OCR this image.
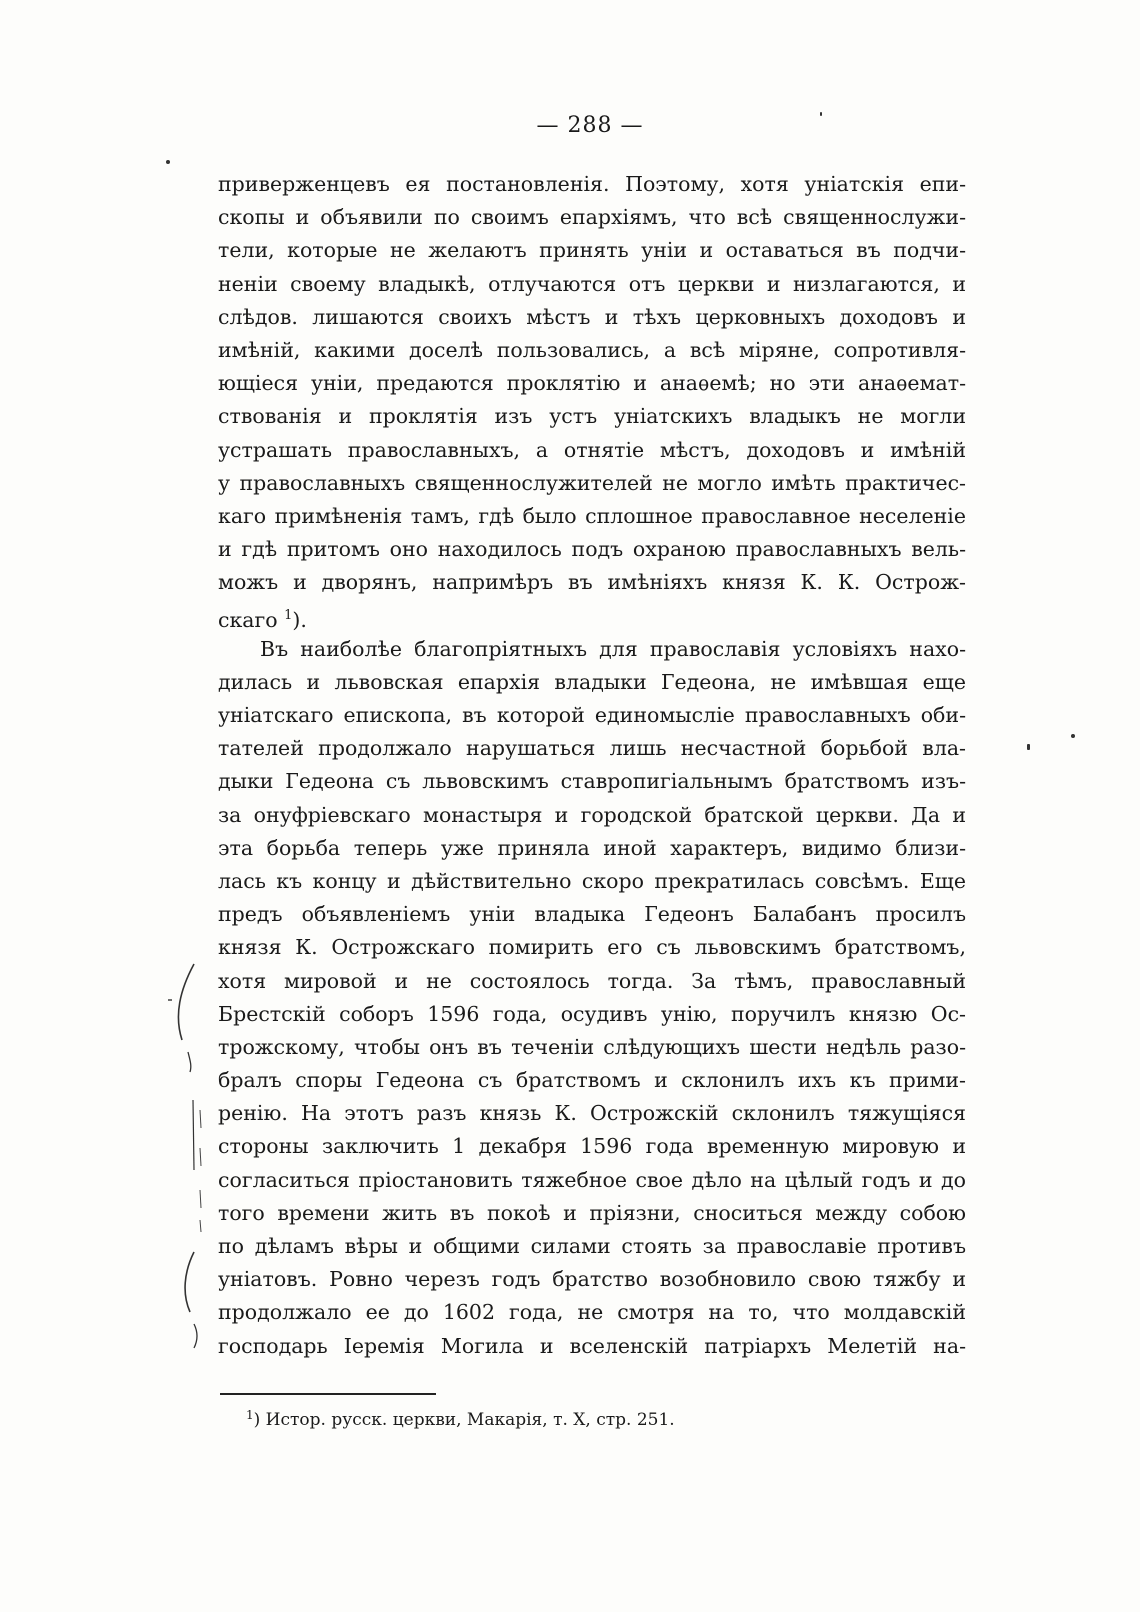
— 288 —
приверженцевъ ея постановленія. Поэтому, хотя уніатскія епи-
скопы и объявили по своимъ епархіямъ, что всѣ священнослужи-
тели, которые не желаютъ принять уніи и оставаться въ подчи-
неніи своему владыкѣ, отлучаются отъ церкви и низлагаются, и
слѣдов. лишаются своихъ мѣстъ и тѣхъ церковныхъ доходовъ и
имѣній, какими доселѣ пользовались, а всѣ міряне, сопротивля-
ющіеся уніи, предаются проклятію и анаѳемѣ; но эти анаѳемат-
ствованія и проклятія изъ устъ уніатскихъ владыкъ не могли
устрашать православныхъ, а отнятіе мѣстъ, доходовъ и имѣній
у православныхъ священнослужителей не могло имѣть практичес-
каго примѣненія тамъ, гдѣ было сплошное православное неселеніе
и гдѣ притомъ оно находилось подъ охраною православныхъ вель-
можъ и дворянъ, напримѣръ въ имѣніяхъ князя К. К. Острож-
скаго $^1$).
Въ наиболѣе благопріятныхъ для православія условіяхъ нахо-
дилась и львовская епархія владыки Гедеона, не имѣвшая еще
уніатскаго епископа, въ которой единомысліе православныхъ оби-
тателей продолжало нарушаться лишь несчастной борьбой вла-
дыки Гедеона съ львовскимъ ставропигіальнымъ братствомъ изъ-
за онуфріевскаго монастыря и городской братской церкви. Да и
эта борьба теперь уже приняла иной характеръ, видимо близи-
лась къ концу и дѣйствительно скоро прекратилась совсѣмъ. Еще
предъ объявленіемъ уніи владыка Гедеонъ Балабанъ просилъ
князя К. Острожскаго помирить его съ львовскимъ братствомъ,
хотя мировой и не состоялось тогда. За тѣмъ, православный
Брестскій соборъ 1596 года, осудивъ унію, поручилъ князю Ос-
трожскому, чтобы онъ въ теченіи слѣдующихъ шести недѣль разо-
бралъ споры Гедеона съ братствомъ и склонилъ ихъ къ прими-
ренію. На этотъ разъ князь К. Острожскій склонилъ тяжущіяся
стороны заключить 1 декабря 1596 года временную мировую и
согласиться пріостановить тяжебное свое дѣло на цѣлый годъ и до
того времени жить въ покоѣ и пріязни, сноситься между собою
по дѣламъ вѣры и общими силами стоять за православіе противъ
уніатовъ. Ровно черезъ годъ братство возобновило свою тяжбу и
продолжало ее до 1602 года, не смотря на то, что молдавскій
господарь Іеремія Могила и вселенскій патріархъ Мелетій на-
$^1$) Истор. русск. церкви, Макарія, т. X, стр. 251.
